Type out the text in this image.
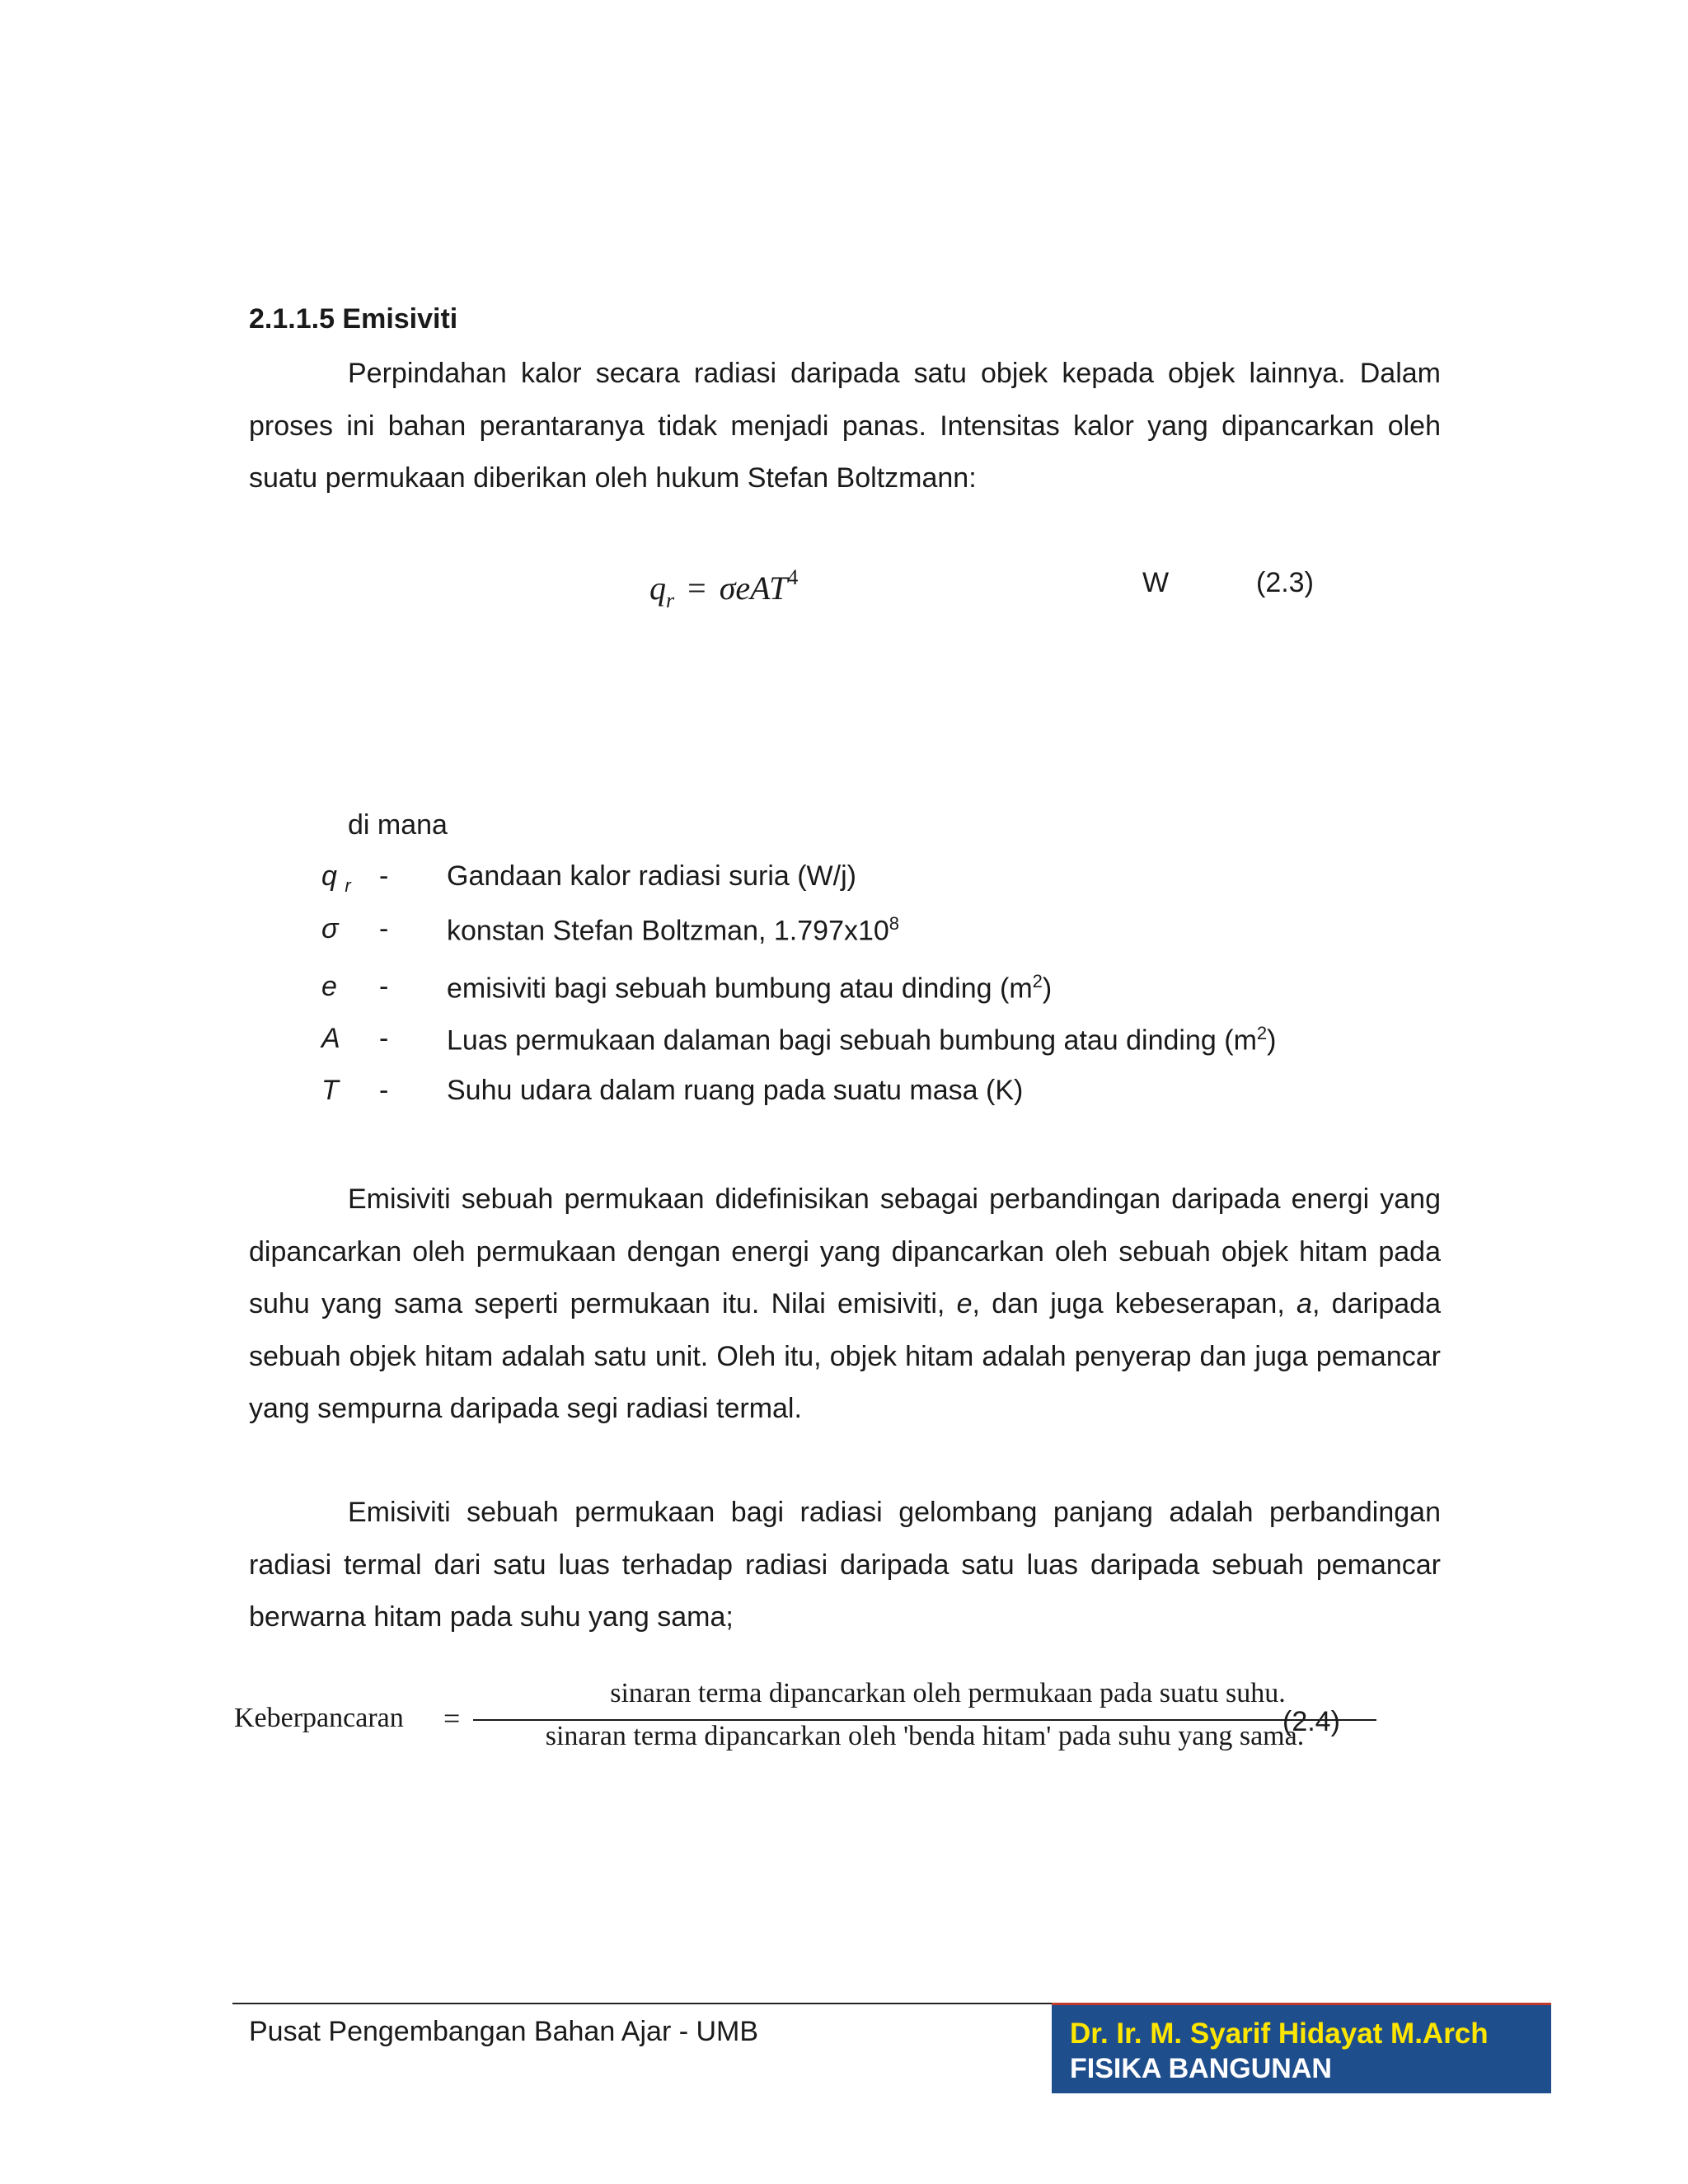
2.1.1.5 Emisiviti
Perpindahan kalor secara radiasi daripada satu objek kepada objek lainnya. Dalam proses ini bahan perantaranya tidak menjadi panas. Intensitas kalor yang dipancarkan oleh suatu permukaan diberikan oleh hukum Stefan Boltzmann:
$q_r = \sigma eAT^4$	W	(2.3)
di mana
q $_r$ - Gandaan kalor radiasi suria (W/j)
σ - konstan Stefan Boltzman, $1.797x10^8$
e - emisiviti bagi sebuah bumbung atau dinding $(m^2)$
A - Luas permukaan dalaman bagi sebuah bumbung atau dinding $(m^2)$
T - Suhu udara dalam ruang pada suatu masa (K)
Emisiviti sebuah permukaan didefinisikan sebagai perbandingan daripada energi yang dipancarkan oleh permukaan dengan energi yang dipancarkan oleh sebuah objek hitam pada suhu yang sama seperti permukaan itu. Nilai emisiviti, e, dan juga kebeserapan, a, daripada sebuah objek hitam adalah satu unit. Oleh itu, objek hitam adalah penyerap dan juga pemancar yang sempurna daripada segi radiasi termal.
Emisiviti sebuah permukaan bagi radiasi gelombang panjang adalah perbandingan radiasi termal dari satu luas terhadap radiasi daripada satu luas daripada sebuah pemancar berwarna hitam pada suhu yang sama;
Keberpancaran =
sinaran terma dipancarkan oleh permukaan pada suatu suhu.
sinaran terma dipancarkan oleh 'benda hitam' pada suhu yang sama.
(2.4)
Pusat Pengembangan Bahan Ajar - UMB	Dr. Ir. M. Syarif Hidayat M.Arch
FISIKA BANGUNAN
